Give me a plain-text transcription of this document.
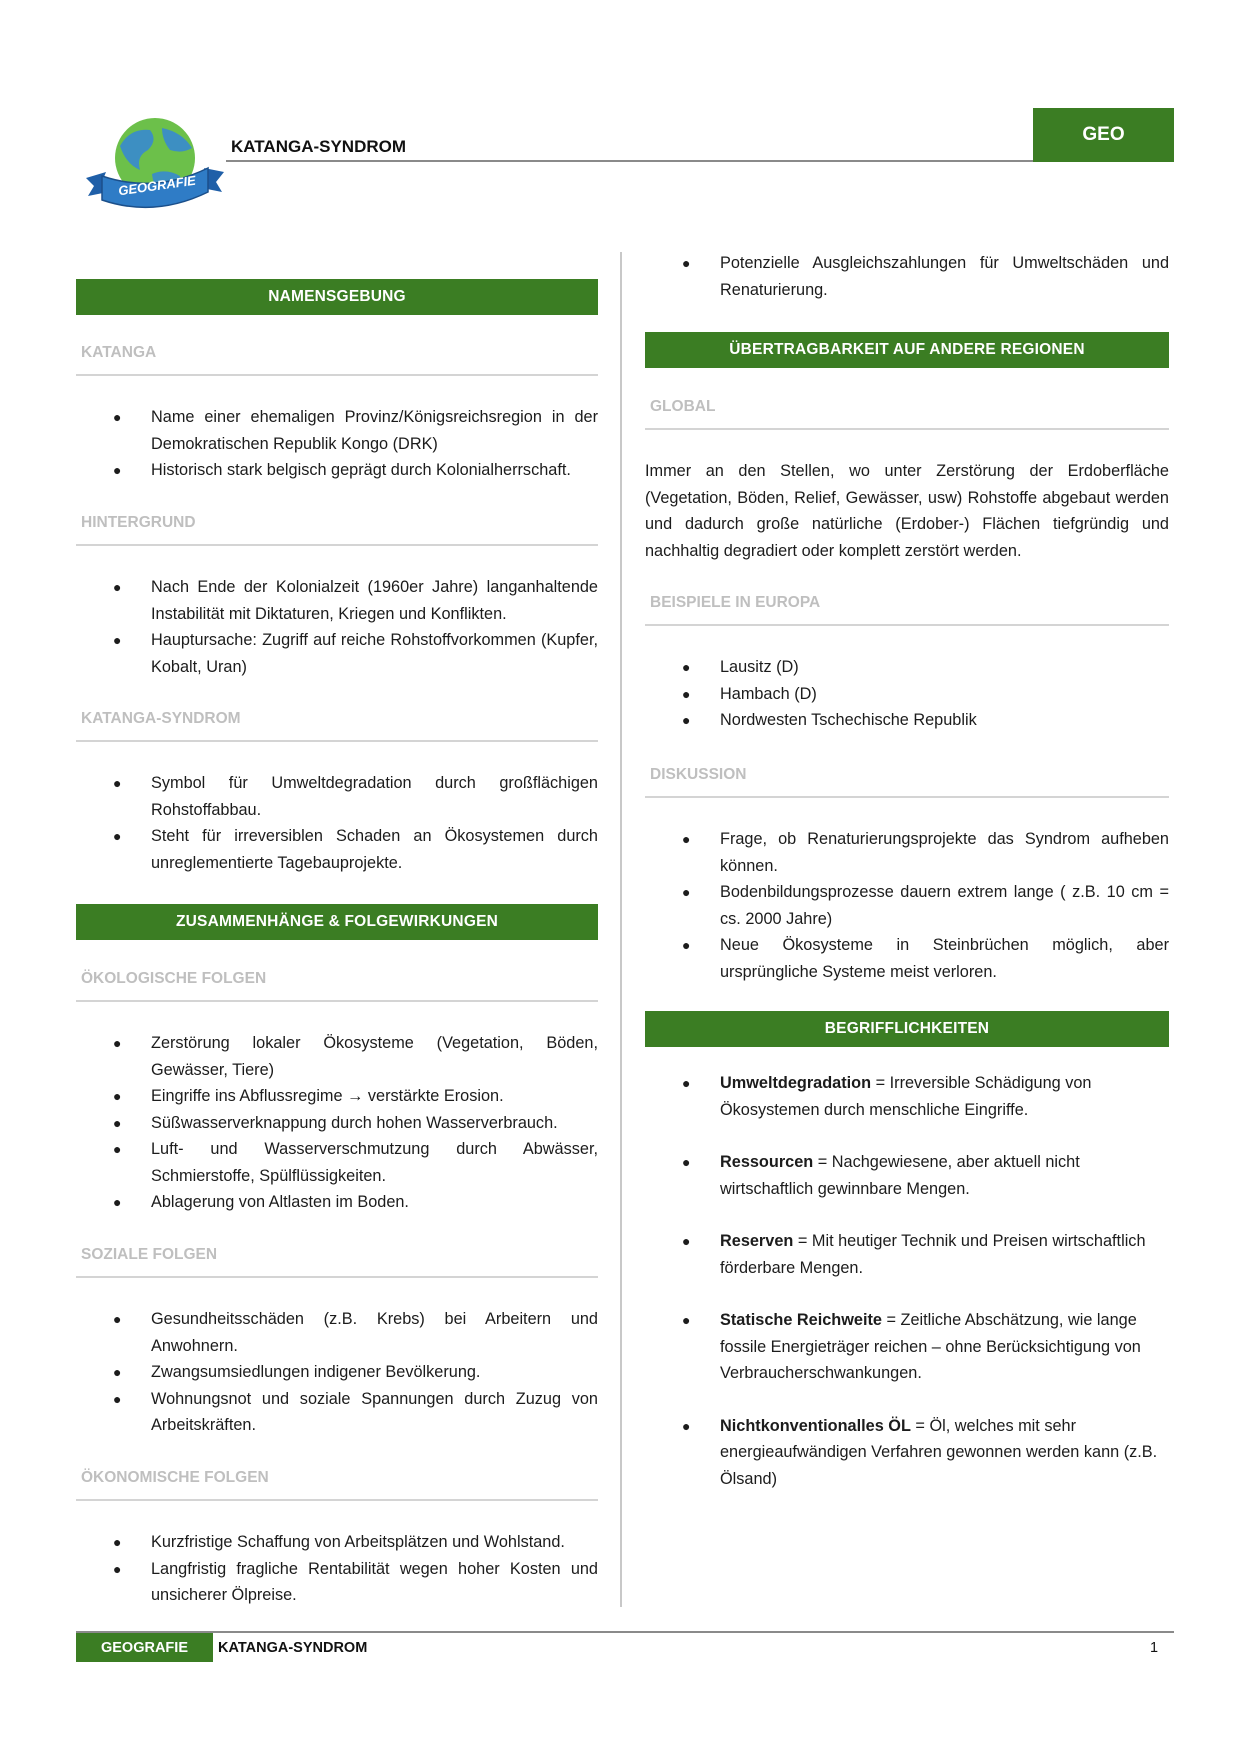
GEOGRAFIE
KATANGA-SYNDROM
GEO
NAMENSGEBUNG
KATANGA
● Name einer ehemaligen Provinz/Königsreichsregion in der Demokratischen Republik Kongo (DRK)
● Historisch stark belgisch geprägt durch Kolonialherrschaft.
HINTERGRUND
● Nach Ende der Kolonialzeit (1960er Jahre) langanhaltende Instabilität mit Diktaturen, Kriegen und Konflikten.
● Hauptursache: Zugriff auf reiche Rohstoffvorkommen (Kupfer, Kobalt, Uran)
KATANGA-SYNDROM
● Symbol für Umweltdegradation durch großflächigen Rohstoffabbau.
● Steht für irreversiblen Schaden an Ökosystemen durch unreglementierte Tagebauprojekte.
ZUSAMMENHÄNGE & FOLGEWIRKUNGEN
ÖKOLOGISCHE FOLGEN
● Zerstörung lokaler Ökosysteme (Vegetation, Böden, Gewässer, Tiere)
● Eingriffe ins Abflussregime → verstärkte Erosion.
● Süßwasserverknappung durch hohen Wasserverbrauch.
● Luft- und Wasserverschmutzung durch Abwässer, Schmierstoffe, Spülflüssigkeiten.
● Ablagerung von Altlasten im Boden.
SOZIALE FOLGEN
● Gesundheitsschäden (z.B. Krebs) bei Arbeitern und Anwohnern.
● Zwangsumsiedlungen indigener Bevölkerung.
● Wohnungsnot und soziale Spannungen durch Zuzug von Arbeitskräften.
ÖKONOMISCHE FOLGEN
● Kurzfristige Schaffung von Arbeitsplätzen und Wohlstand.
● Langfristig fragliche Rentabilität wegen hoher Kosten und unsicherer Ölpreise.
● Potenzielle Ausgleichszahlungen für Umweltschäden und Renaturierung.
ÜBERTRAGBARKEIT AUF ANDERE REGIONEN
GLOBAL

Immer an den Stellen, wo unter Zerstörung der Erdoberfläche (Vegetation, Böden, Relief, Gewässer, usw) Rohstoffe abgebaut werden und dadurch große natürliche (Erdober-) Flächen tiefgründig und nachhaltig degradiert oder komplett zerstört werden.

BEISPIELE IN EUROPA
● Lausitz (D)
● Hambach (D)
● Nordwesten Tschechische Republik
DISKUSSION
● Frage, ob Renaturierungsprojekte das Syndrom aufheben können.
● Bodenbildungsprozesse dauern extrem lange ( z.B. 10 cm = cs. 2000 Jahre)
● Neue Ökosysteme in Steinbrüchen möglich, aber ursprüngliche Systeme meist verloren.
BEGRIFFLICHKEITEN
● Umweltdegradation = Irreversible Schädigung von Ökosystemen durch menschliche Eingriffe.
● Ressourcen = Nachgewiesene, aber aktuell nicht wirtschaftlich gewinnbare Mengen.
● Reserven = Mit heutiger Technik und Preisen wirtschaftlich förderbare Mengen.
● Statische Reichweite = Zeitliche Abschätzung, wie lange fossile Energieträger reichen – ohne Berücksichtigung von Verbraucherschwankungen.
● Nichtkonventionalles ÖL = Öl, welches mit sehr energieaufwändigen Verfahren gewonnen werden kann (z.B. Ölsand)
GEOGRAFIE	KATANGA-SYNDROM	1
